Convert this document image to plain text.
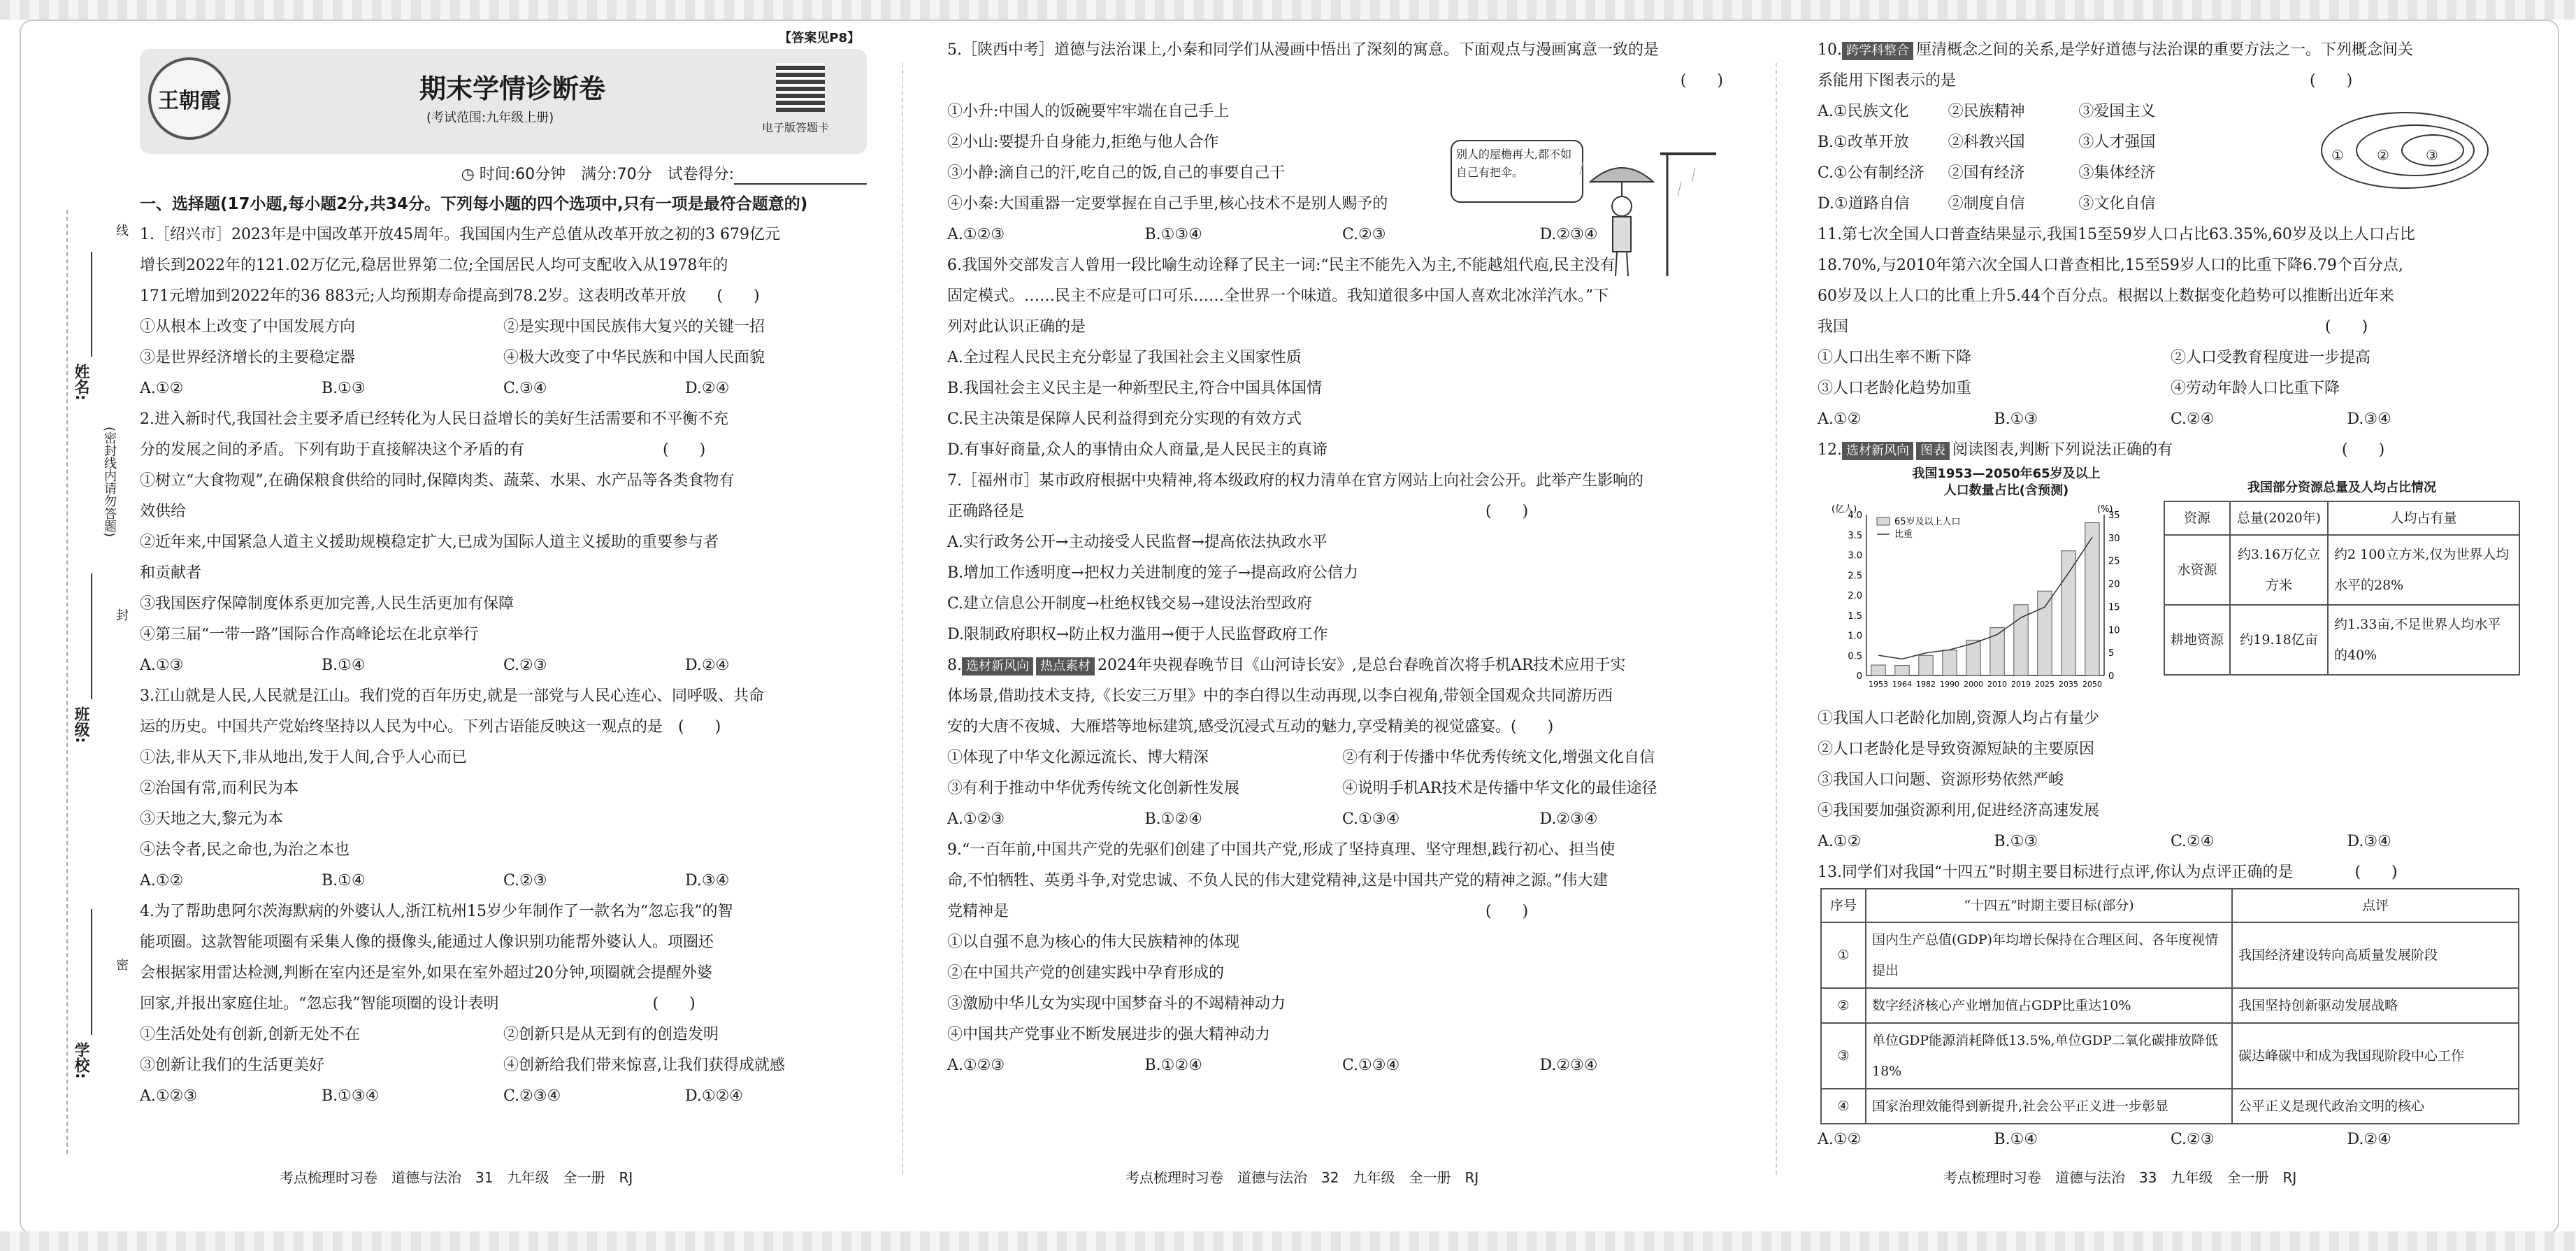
姓名:
班级:
学校:
线
(密封线内请勿答题)
封
密
【答案见P8】
王朝霞	期末学情诊断卷
(考试范围:九年级上册)
电子版答题卡
◷ 时间:60分钟　满分:70分　试卷得分:
一、选择题(17小题,每小题2分,共34分。下列每小题的四个选项中,只有一项是最符合题意的)
1.［绍兴市］2023年是中国改革开放45周年。我国国内生产总值从改革开放之初的3 679亿元
增长到2022年的121.02万亿元,稳居世界第二位;全国居民人均可支配收入从1978年的
171元增加到2022年的36 883元;人均预期寿命提高到78.2岁。这表明改革开放　　(　　)
①从根本上改变了中国发展方向	②是实现中国民族伟大复兴的关键一招
③是世界经济增长的主要稳定器	④极大改变了中华民族和中国人民面貌
A.①②	B.①③	C.③④	D.②④
2.进入新时代,我国社会主要矛盾已经转化为人民日益增长的美好生活需要和不平衡不充
分的发展之间的矛盾。下列有助于直接解决这个矛盾的有　　　　　　　　　(　　)
①树立“大食物观”,在确保粮食供给的同时,保障肉类、蔬菜、水果、水产品等各类食物有
效供给
②近年来,中国紧急人道主义援助规模稳定扩大,已成为国际人道主义援助的重要参与者
和贡献者
③我国医疗保障制度体系更加完善,人民生活更加有保障
④第三届“一带一路”国际合作高峰论坛在北京举行
A.①③	B.①④	C.②③	D.②④
3.江山就是人民,人民就是江山。我们党的百年历史,就是一部党与人民心连心、同呼吸、共命
运的历史。中国共产党始终坚持以人民为中心。下列古语能反映这一观点的是　(　　)
①法,非从天下,非从地出,发于人间,合乎人心而已
②治国有常,而利民为本
③天地之大,黎元为本
④法令者,民之命也,为治之本也
A.①②	B.①④	C.②③	D.③④
4.为了帮助患阿尔茨海默病的外婆认人,浙江杭州15岁少年制作了一款名为“忽忘我”的智
能项圈。这款智能项圈有采集人像的摄像头,能通过人像识别功能帮外婆认人。项圈还
会根据家用雷达检测,判断在室内还是室外,如果在室外超过20分钟,项圈就会提醒外婆
回家,并报出家庭住址。“忽忘我”智能项圈的设计表明　　　　　　　　　　(　　)
①生活处处有创新,创新无处不在	②创新只是从无到有的创造发明
③创新让我们的生活更美好	④创新给我们带来惊喜,让我们获得成就感
A.①②③	B.①③④	C.②③④	D.①②④
考点梳理时习卷　道德与法治　31　九年级　全一册　RJ
5.［陕西中考］道德与法治课上,小秦和同学们从漫画中悟出了深刻的寓意。下面观点与漫画寓意一致的是
(　　)
①小升:中国人的饭碗要牢牢端在自己手上
②小山:要提升自身能力,拒绝与他人合作
③小静:滴自己的汗,吃自己的饭,自己的事要自己干
④小秦:大国重器一定要掌握在自己手里,核心技术不是别人赐予的
别人的屋檐再大,都不如自己有把伞。
A.①②③	B.①③④	C.②③	D.②③④
6.我国外交部发言人曾用一段比喻生动诠释了民主一词:“民主不能先入为主,不能越俎代庖,民主没有
固定模式。……民主不应是可口可乐……全世界一个味道。我知道很多中国人喜欢北冰洋汽水。”下
列对此认识正确的是
A.全过程人民民主充分彰显了我国社会主义国家性质
B.我国社会主义民主是一种新型民主,符合中国具体国情
C.民主决策是保障人民利益得到充分实现的有效方式
D.有事好商量,众人的事情由众人商量,是人民民主的真谛
7.［福州市］某市政府根据中央精神,将本级政府的权力清单在官方网站上向社会公开。此举产生影响的
正确路径是　　　　　　　　　　　　　　　　　　　　　　　　　　　　　　(　　)
A.实行政务公开→主动接受人民监督→提高依法执政水平
B.增加工作透明度→把权力关进制度的笼子→提高政府公信力
C.建立信息公开制度→杜绝权钱交易→建设法治型政府
D.限制政府职权→防止权力滥用→便于人民监督政府工作
8. 选材新风向 热点素材 2024年央视春晚节目《山河诗长安》,是总台春晚首次将手机AR技术应用于实
体场景,借助技术支持,《长安三万里》中的李白得以生动再现,以李白视角,带领全国观众共同游历西
安的大唐不夜城、大雁塔等地标建筑,感受沉浸式互动的魅力,享受精美的视觉盛宴。(　　)
①体现了中华文化源远流长、博大精深	②有利于传播中华优秀传统文化,增强文化自信
③有利于推动中华优秀传统文化创新性发展	④说明手机AR技术是传播中华文化的最佳途径
A.①②③	B.①②④	C.①③④	D.②③④
9.“一百年前,中国共产党的先驱们创建了中国共产党,形成了坚持真理、坚守理想,践行初心、担当使
命,不怕牺牲、英勇斗争,对党忠诚、不负人民的伟大建党精神,这是中国共产党的精神之源。”伟大建
党精神是　　　　　　　　　　　　　　　　　　　　　　　　　　　　　　　(　　)
①以自强不息为核心的伟大民族精神的体现
②在中国共产党的创建实践中孕育形成的
③激励中华儿女为实现中国梦奋斗的不竭精神动力
④中国共产党事业不断发展进步的强大精神动力
A.①②③	B.①②④	C.①③④	D.②③④
考点梳理时习卷　道德与法治　32　九年级　全一册　RJ
10. 跨学科整合 厘清概念之间的关系,是学好道德与法治课的重要方法之一。下列概念间关
系能用下图表示的是　　　　　　　　　　　　　　　　　　　　　　　(　　)
A.①民族文化	②民族精神	③爱国主义
B.①改革开放	②科教兴国	③人才强国
C.①公有制经济	②国有经济	③集体经济
D.①道路自信	②制度自信	③文化自信
① ②	③
11.第七次全国人口普查结果显示,我国15至59岁人口占比63.35%,60岁及以上人口占比
18.70%,与2010年第六次全国人口普查相比,15至59岁人口的比重下降6.79个百分点,
60岁及以上人口的比重上升5.44个百分点。根据以上数据变化趋势可以推断出近年来
我国　　　　　　　　　　　　　　　　　　　　　　　　　　　　　　　(　　)
①人口出生率不断下降	②人口受教育程度进一步提高
③人口老龄化趋势加重	④劳动年龄人口比重下降
A.①②	B.①③	C.②④	D.③④
12. 选材新风向 图表 阅读图表,判断下列说法正确的有　　　　　　　　　　　(　　)
我国1953—2050年65岁及以上
人口数量占比(含预测)
0
0.5
1.0
1.5
2.0
2.5
3.0
3.5
4.0
0
5
10
15
20
25
30
35
(亿人)	(%)
1953 1964 1982 1990 2000 2010 2019 2025 2035 2050
65岁及以上人口
比重
我国部分资源总量及人均占比情况
资源	总量(2020年)	人均占有量
水资源	约3.16万亿立方米	约2 100立方米,仅为世界人均水平的28%
耕地资源	约19.18亿亩	约1.33亩,不足世界人均水平的40%
①我国人口老龄化加剧,资源人均占有量少
②人口老龄化是导致资源短缺的主要原因
③我国人口问题、资源形势依然严峻
④我国要加强资源利用,促进经济高速发展
A.①②	B.①③	C.②④	D.③④
13.同学们对我国“十四五”时期主要目标进行点评,你认为点评正确的是　　　　(　　)
序号	“十四五”时期主要目标(部分)	点评
①	国内生产总值(GDP)年均增长保持在合理区间、各年度视情提出	我国经济建设转向高质量发展阶段
②	数字经济核心产业增加值占GDP比重达10%	我国坚持创新驱动发展战略
③	单位GDP能源消耗降低13.5%,单位GDP二氧化碳排放降低18%	碳达峰碳中和成为我国现阶段中心工作
④	国家治理效能得到新提升,社会公平正义进一步彰显	公平正义是现代政治文明的核心
A.①②	B.①④	C.②③	D.②④
考点梳理时习卷　道德与法治　33　九年级　全一册　RJ
